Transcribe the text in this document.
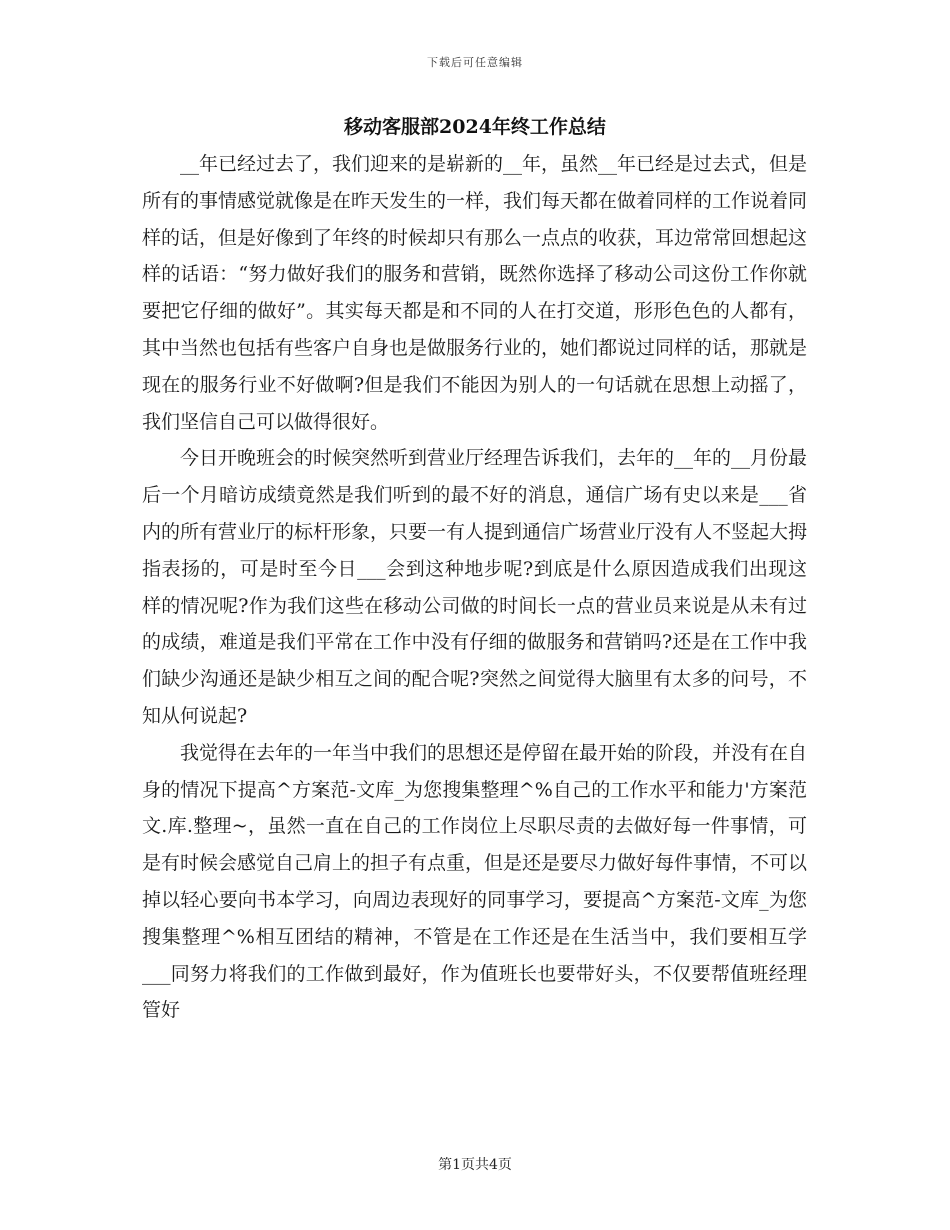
下载后可任意编辑
移动客服部2024年终工作总结

__年已经过去了，我们迎来的是崭新的__年，虽然__年已经是过去式，但是所有的事情感觉就像是在昨天发生的一样，我们每天都在做着同样的工作说着同样的话，但是好像到了年终的时候却只有那么一点点的收获，耳边常常回想起这样的话语：“努力做好我们的服务和营销，既然你选择了移动公司这份工作你就要把它仔细的做好”。其实每天都是和不同的人在打交道，形形色色的人都有，其中当然也包括有些客户自身也是做服务行业的，她们都说过同样的话，那就是现在的服务行业不好做啊?但是我们不能因为别人的一句话就在思想上动摇了，我们坚信自己可以做得很好。

今日开晚班会的时候突然听到营业厅经理告诉我们，去年的__年的__月份最后一个月暗访成绩竟然是我们听到的最不好的消息，通信广场有史以来是___省内的所有营业厅的标杆形象，只要一有人提到通信广场营业厅没有人不竖起大拇指表扬的，可是时至今日___会到这种地步呢?到底是什么原因造成我们出现这样的情况呢?作为我们这些在移动公司做的时间长一点的营业员来说是从未有过的成绩，难道是我们平常在工作中没有仔细的做服务和营销吗?还是在工作中我们缺少沟通还是缺少相互之间的配合呢?突然之间觉得大脑里有太多的问号，不知从何说起?

我觉得在去年的一年当中我们的思想还是停留在最开始的阶段，并没有在自身的情况下提高^方案范-文库_为您搜集整理^%自己的工作水平和能力'方案范文.库.整理~，虽然一直在自己的工作岗位上尽职尽责的去做好每一件事情，可是有时候会感觉自己肩上的担子有点重，但是还是要尽力做好每件事情，不可以掉以轻心要向书本学习，向周边表现好的同事学习，要提高^方案范-文库_为您搜集整理^%相互团结的精神，不管是在工作还是在生活当中，我们要相互学___同努力将我们的工作做到最好，作为值班长也要带好头，不仅要帮值班经理管好

第1页共4页
